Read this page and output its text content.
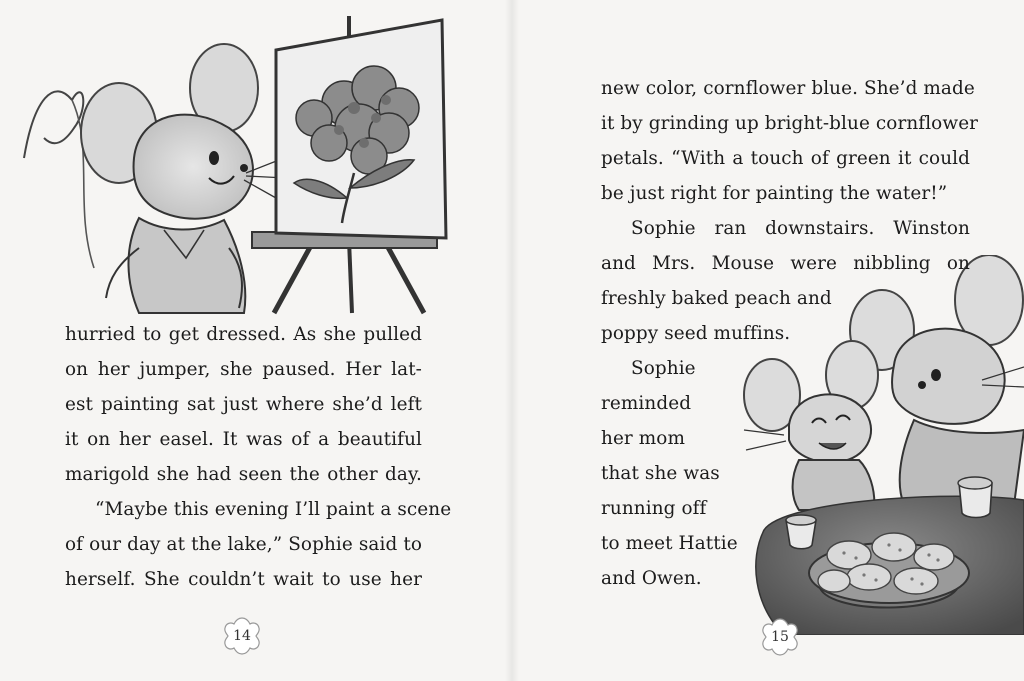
hurried to get dressed. As she pulled
on her jumper, she paused. Her lat-
est painting sat just where she’d left
it on her easel. It was of a beautiful
marigold she had seen the other day.
“Maybe this evening I’ll paint a scene
of our day at the lake,” Sophie said to
herself. She couldn’t wait to use her
14
new color, cornflower blue. She’d made
it by grinding up bright-blue cornflower
petals. “With a touch of green it could
be just right for painting the water!”
Sophie ran downstairs. Winston
and Mrs. Mouse were nibbling on
freshly baked peach and
poppy seed muffins.
Sophie
reminded
her mom
that she was
running off
to meet Hattie
and Owen.
15
